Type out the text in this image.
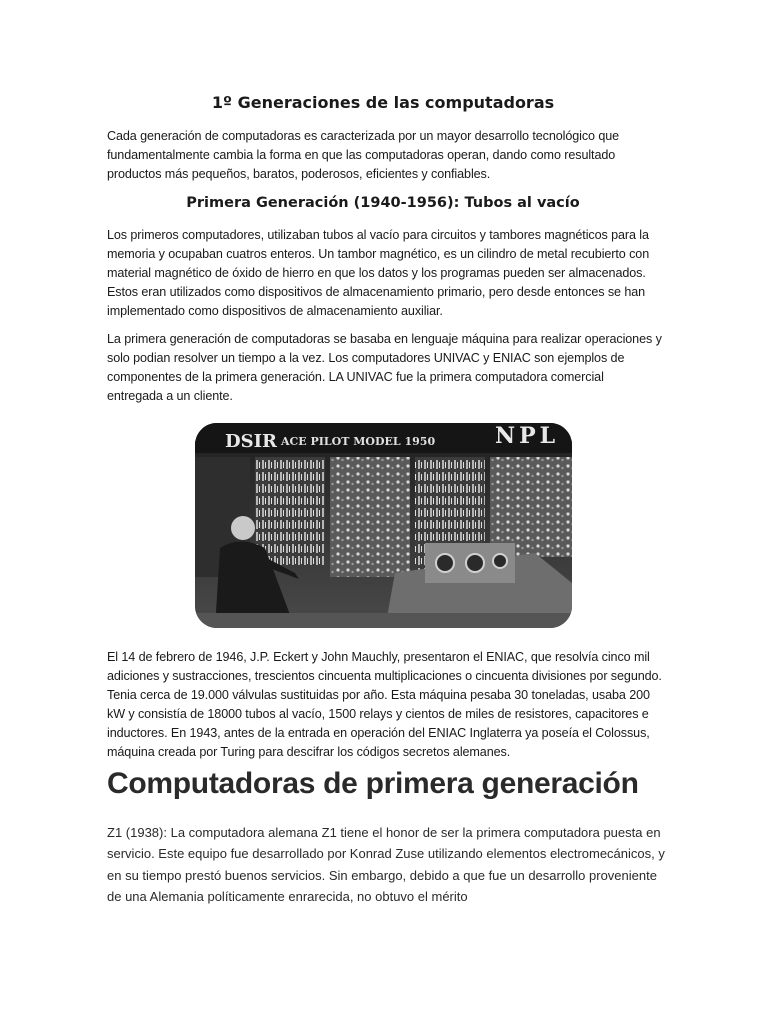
1º Generaciones de las computadoras

Cada generación de computadoras es caracterizada por un mayor desarrollo tecnológico que fundamentalmente cambia la forma en que las computadoras operan, dando como resultado productos más pequeños, baratos, poderosos, eficientes y confiables.

Primera Generación (1940-1956): Tubos al vacío

Los primeros computadores, utilizaban tubos al vacío para circuitos y tambores magnéticos para la memoria y ocupaban cuatros enteros. Un tambor magnético, es un cilindro de metal recubierto con material magnético de óxido de hierro en que los datos y los programas pueden ser almacenados. Estos eran utilizados como dispositivos de almacenamiento primario, pero desde entonces se han implementado como dispositivos de almacenamiento auxiliar.

La primera generación de computadoras se basaba en lenguaje máquina para realizar operaciones y solo podian resolver un tiempo a la vez. Los computadores UNIVAC y ENIAC son ejemplos de componentes de la primera generación. LA UNIVAC fue la primera computadora comercial entregada a un cliente.

DSIR ACE PILOT MODEL 1950	NPL

El 14 de febrero de 1946, J.P. Eckert y John Mauchly, presentaron el ENIAC, que resolvía cinco mil adiciones y sustracciones, trescientos cincuenta multiplicaciones o cincuenta divisiones por segundo. Tenia cerca de 19.000 válvulas sustituidas por año. Esta máquina pesaba 30 toneladas, usaba 200 kW y consistía de 18000 tubos al vacío, 1500 relays y cientos de miles de resistores, capacitores e inductores. En 1943, antes de la entrada en operación del ENIAC Inglaterra ya poseía el Colossus, máquina creada por Turing para descifrar los códigos secretos alemanes.

Computadoras de primera generación

Z1 (1938): La computadora alemana Z1 tiene el honor de ser la primera computadora puesta en servicio. Este equipo fue desarrollado por Konrad Zuse utilizando elementos electromecánicos, y en su tiempo prestó buenos servicios. Sin embargo, debido a que fue un desarrollo proveniente de una Alemania políticamente enrarecida, no obtuvo el mérito
